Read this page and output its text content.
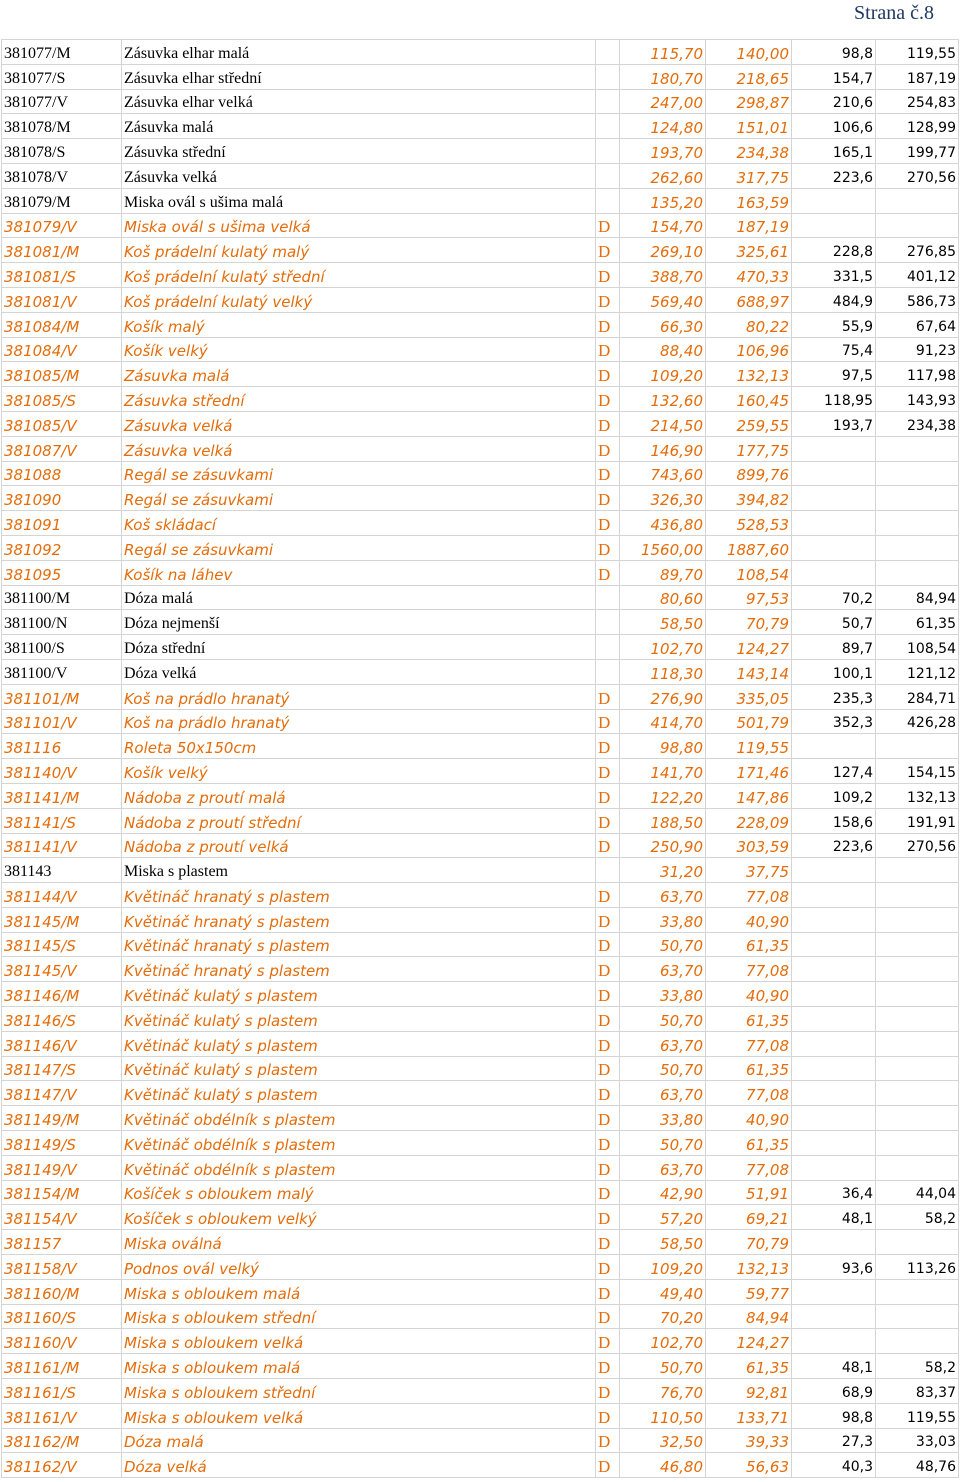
Strana č.8
381077/M	Zásuvka elhar malá		115,70	140,00	98,8	119,55
381077/S	Zásuvka elhar střední		180,70	218,65	154,7	187,19
381077/V	Zásuvka elhar velká		247,00	298,87	210,6	254,83
381078/M	Zásuvka malá		124,80	151,01	106,6	128,99
381078/S	Zásuvka střední		193,70	234,38	165,1	199,77
381078/V	Zásuvka velká		262,60	317,75	223,6	270,56
381079/M	Miska ovál s ušima malá		135,20	163,59		
381079/V	Miska ovál s ušima velká	D	154,70	187,19		
381081/M	Koš prádelní kulatý malý	D	269,10	325,61	228,8	276,85
381081/S	Koš prádelní kulatý střední	D	388,70	470,33	331,5	401,12
381081/V	Koš prádelní kulatý velký	D	569,40	688,97	484,9	586,73
381084/M	Košík malý	D	66,30	80,22	55,9	67,64
381084/V	Košík velký	D	88,40	106,96	75,4	91,23
381085/M	Zásuvka malá	D	109,20	132,13	97,5	117,98
381085/S	Zásuvka střední	D	132,60	160,45	118,95	143,93
381085/V	Zásuvka velká	D	214,50	259,55	193,7	234,38
381087/V	Zásuvka velká	D	146,90	177,75		
381088	Regál se zásuvkami	D	743,60	899,76		
381090	Regál se zásuvkami	D	326,30	394,82		
381091	Koš skládací	D	436,80	528,53		
381092	Regál se zásuvkami	D	1560,00	1887,60		
381095	Košík na láhev	D	89,70	108,54		
381100/M	Dóza malá		80,60	97,53	70,2	84,94
381100/N	Dóza nejmenší		58,50	70,79	50,7	61,35
381100/S	Dóza střední		102,70	124,27	89,7	108,54
381100/V	Dóza velká		118,30	143,14	100,1	121,12
381101/M	Koš na prádlo hranatý	D	276,90	335,05	235,3	284,71
381101/V	Koš na prádlo hranatý	D	414,70	501,79	352,3	426,28
381116	Roleta 50x150cm	D	98,80	119,55		
381140/V	Košík velký	D	141,70	171,46	127,4	154,15
381141/M	Nádoba z proutí malá	D	122,20	147,86	109,2	132,13
381141/S	Nádoba z proutí střední	D	188,50	228,09	158,6	191,91
381141/V	Nádoba z proutí velká	D	250,90	303,59	223,6	270,56
381143	Miska s plastem		31,20	37,75		
381144/V	Květináč hranatý s plastem	D	63,70	77,08		
381145/M	Květináč hranatý s plastem	D	33,80	40,90		
381145/S	Květináč hranatý s plastem	D	50,70	61,35		
381145/V	Květináč hranatý s plastem	D	63,70	77,08		
381146/M	Květináč kulatý s plastem	D	33,80	40,90		
381146/S	Květináč kulatý s plastem	D	50,70	61,35		
381146/V	Květináč kulatý s plastem	D	63,70	77,08		
381147/S	Květináč kulatý s plastem	D	50,70	61,35		
381147/V	Květináč kulatý s plastem	D	63,70	77,08		
381149/M	Květináč obdélník s plastem	D	33,80	40,90		
381149/S	Květináč obdélník s plastem	D	50,70	61,35		
381149/V	Květináč obdélník s plastem	D	63,70	77,08		
381154/M	Košíček s obloukem malý	D	42,90	51,91	36,4	44,04
381154/V	Košíček s obloukem velký	D	57,20	69,21	48,1	58,2
381157	Miska oválná	D	58,50	70,79		
381158/V	Podnos ovál velký	D	109,20	132,13	93,6	113,26
381160/M	Miska s obloukem malá	D	49,40	59,77		
381160/S	Miska s obloukem střední	D	70,20	84,94		
381160/V	Miska s obloukem velká	D	102,70	124,27		
381161/M	Miska s obloukem malá	D	50,70	61,35	48,1	58,2
381161/S	Miska s obloukem střední	D	76,70	92,81	68,9	83,37
381161/V	Miska s obloukem velká	D	110,50	133,71	98,8	119,55
381162/M	Dóza malá	D	32,50	39,33	27,3	33,03
381162/V	Dóza velká	D	46,80	56,63	40,3	48,76
